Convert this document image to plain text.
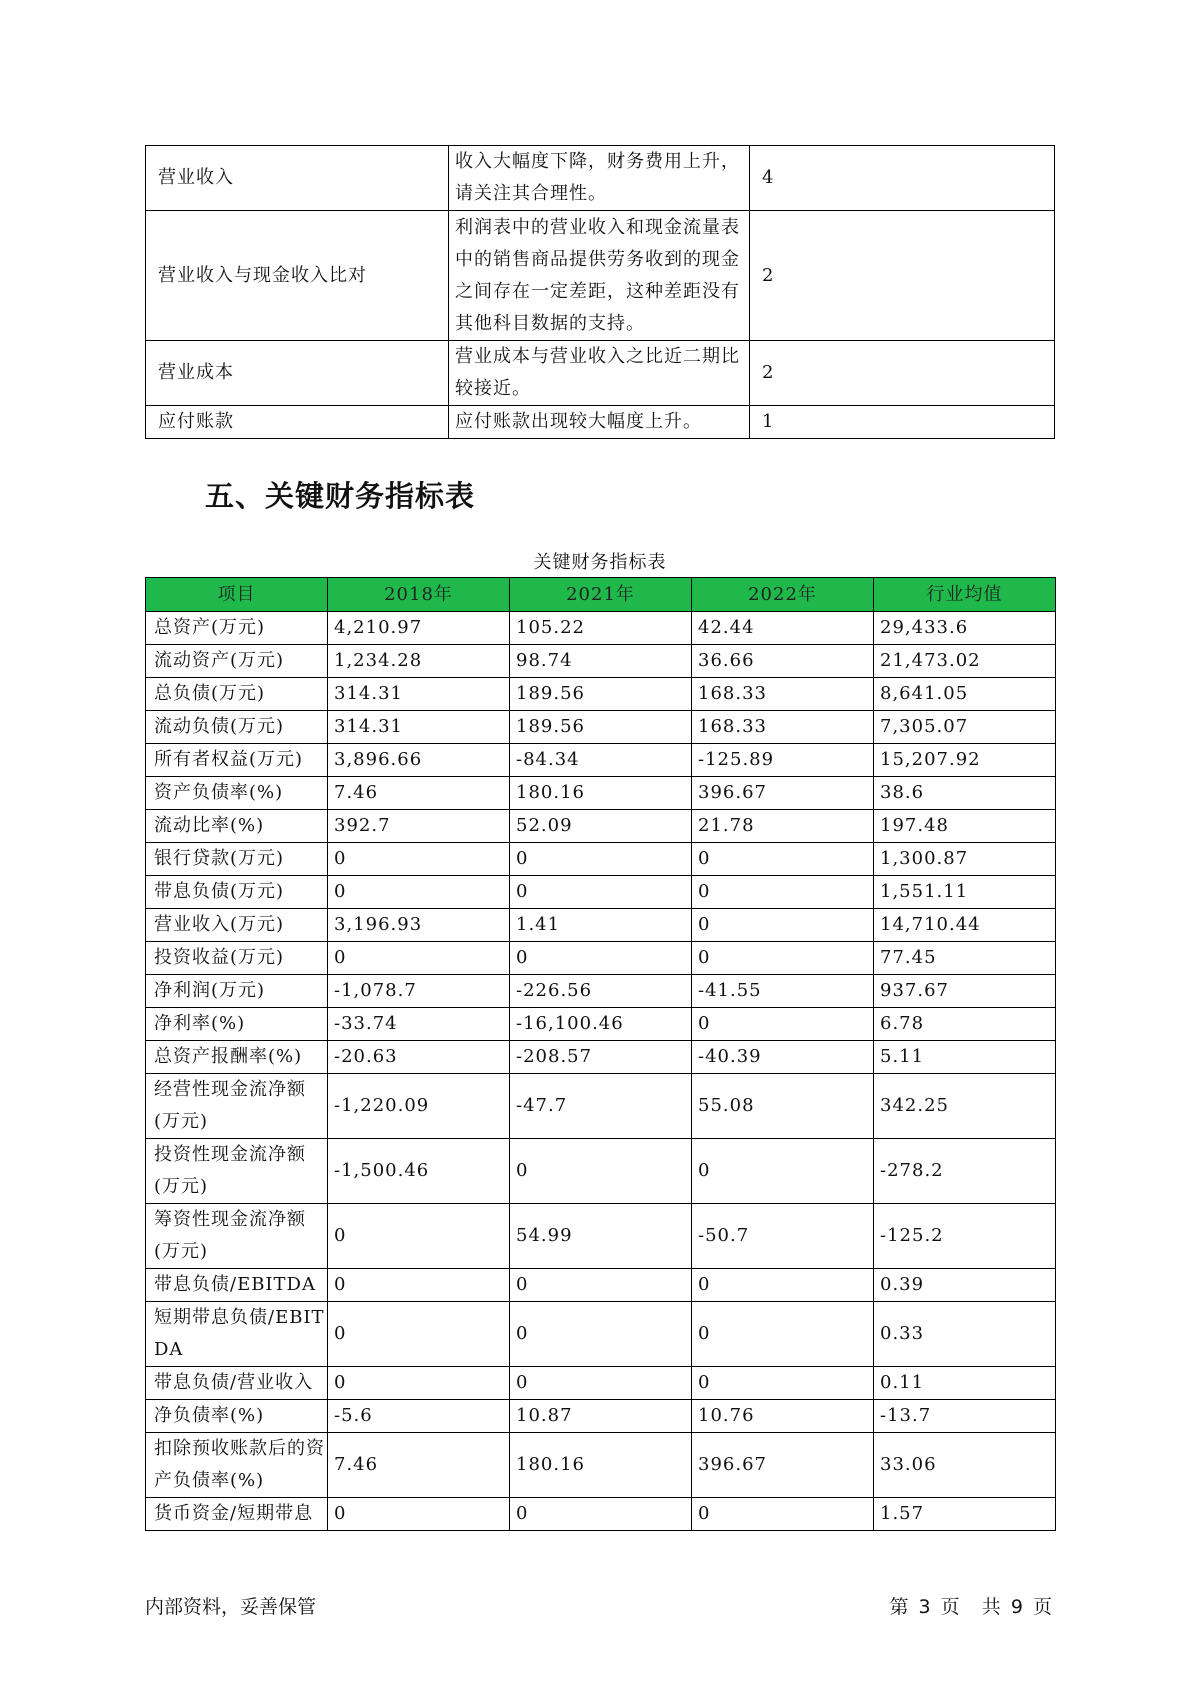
营业收入	收入大幅度下降，财务费用上升，请关注其合理性。	4
营业收入与现金收入比对	利润表中的营业收入和现金流量表中的销售商品提供劳务收到的现金之间存在一定差距，这种差距没有其他科目数据的支持。	2
营业成本	营业成本与营业收入之比近二期比较接近。	2
应付账款	应付账款出现较大幅度上升。	1
五、关键财务指标表
关键财务指标表
项目	2018年	2021年	2022年	行业均值
总资产(万元)	4,210.97	105.22	42.44	29,433.6
流动资产(万元)	1,234.28	98.74	36.66	21,473.02
总负债(万元)	314.31	189.56	168.33	8,641.05
流动负债(万元)	314.31	189.56	168.33	7,305.07
所有者权益(万元)	3,896.66	-84.34	-125.89	15,207.92
资产负债率(%)	7.46	180.16	396.67	38.6
流动比率(%)	392.7	52.09	21.78	197.48
银行贷款(万元)	0	0	0	1,300.87
带息负债(万元)	0	0	0	1,551.11
营业收入(万元)	3,196.93	1.41	0	14,710.44
投资收益(万元)	0	0	0	77.45
净利润(万元)	-1,078.7	-226.56	-41.55	937.67
净利率(%)	-33.74	-16,100.46	0	6.78
总资产报酬率(%)	-20.63	-208.57	-40.39	5.11
经营性现金流净额(万元)	-1,220.09	-47.7	55.08	342.25
投资性现金流净额(万元)	-1,500.46	0	0	-278.2
筹资性现金流净额(万元)	0	54.99	-50.7	-125.2
带息负债/EBITDA	0	0	0	0.39
短期带息负债/EBITDA	0	0	0	0.33
带息负债/营业收入	0	0	0	0.11
净负债率(%)	-5.6	10.87	10.76	-13.7
扣除预收账款后的资产负债率(%)	7.46	180.16	396.67	33.06
货币资金/短期带息	0	0	0	1.57
内部资料，妥善保管	第 3 页 共 9 页
